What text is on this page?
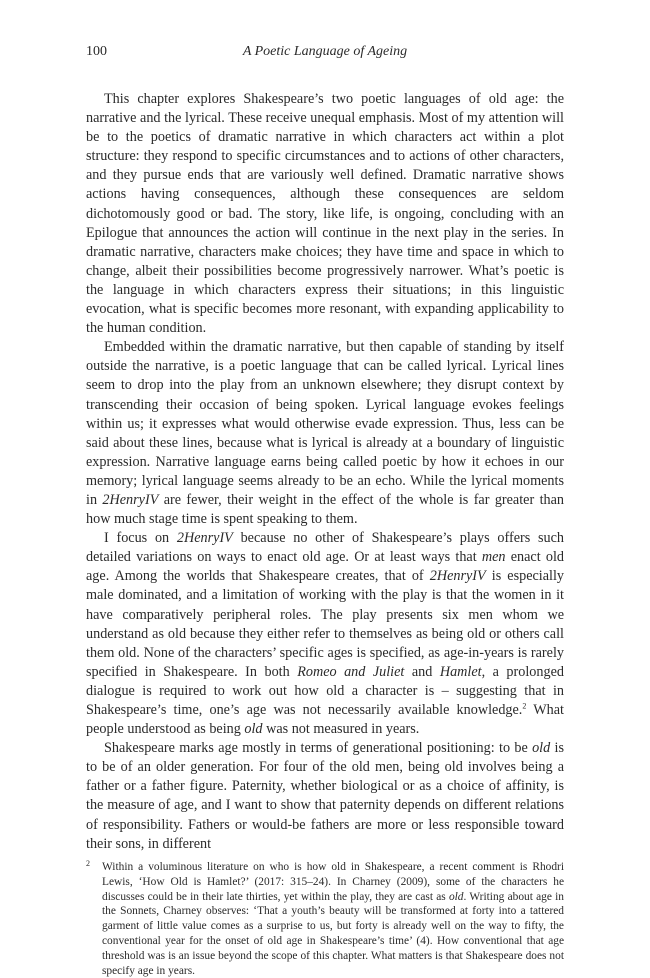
100	A Poetic Language of Ageing

This chapter explores Shakespeare’s two poetic languages of old age: the narrative and the lyrical. These receive unequal emphasis. Most of my attention will be to the poetics of dramatic narrative in which characters act within a plot structure: they respond to specific circumstances and to actions of other characters, and they pursue ends that are variously well defined. Dramatic narrative shows actions having consequences, although these consequences are seldom dichotomously good or bad. The story, like life, is ongoing, concluding with an Epilogue that announces the action will continue in the next play in the series. In dramatic narrative, characters make choices; they have time and space in which to change, albeit their possibilities become progressively narrower. What’s poetic is the language in which characters express their situations; in this linguistic evocation, what is specific becomes more resonant, with expanding applicability to the human condition.

Embedded within the dramatic narrative, but then capable of standing by itself outside the narrative, is a poetic language that can be called lyrical. Lyrical lines seem to drop into the play from an unknown elsewhere; they disrupt context by transcending their occasion of being spoken. Lyrical language evokes feelings within us; it expresses what would otherwise evade expression. Thus, less can be said about these lines, because what is lyrical is already at a boundary of linguistic expression. Narrative language earns being called poetic by how it echoes in our memory; lyrical language seems already to be an echo. While the lyrical moments in 2HenryIV are fewer, their weight in the effect of the whole is far greater than how much stage time is spent speaking to them.

I focus on 2HenryIV because no other of Shakespeare’s plays offers such detailed variations on ways to enact old age. Or at least ways that men enact old age. Among the worlds that Shakespeare creates, that of 2HenryIV is especially male dominated, and a limitation of working with the play is that the women in it have comparatively peripheral roles. The play presents six men whom we understand as old because they either refer to themselves as being old or others call them old. None of the characters’ specific ages is specified, as age-in-years is rarely specified in Shakespeare. In both Romeo and Juliet and Hamlet, a prolonged dialogue is required to work out how old a character is – suggesting that in Shakespeare’s time, one’s age was not necessarily available knowledge.$^2$ What people understood as being old was not measured in years.

Shakespeare marks age mostly in terms of generational positioning: to be old is to be of an older generation. For four of the old men, being old involves being a father or a father figure. Paternity, whether biological or as a choice of affinity, is the measure of age, and I want to show that paternity depends on different relations of responsibility. Fathers or would-be fathers are more or less responsible toward their sons, in different

2	Within a voluminous literature on who is how old in Shakespeare, a recent comment is Rhodri Lewis, ‘How Old is Hamlet?’ (2017: 315–24). In Charney (2009), some of the characters he discusses could be in their late thirties, yet within the play, they are cast as old. Writing about age in the Sonnets, Charney observes: ‘That a youth’s beauty will be transformed at forty into a tattered garment of little value comes as a surprise to us, but forty is already well on the way to fifty, the conventional year for the onset of old age in Shakespeare’s time’ (4). How conventional that age threshold was is an issue beyond the scope of this chapter. What matters is that Shakespeare does not specify age in years.
